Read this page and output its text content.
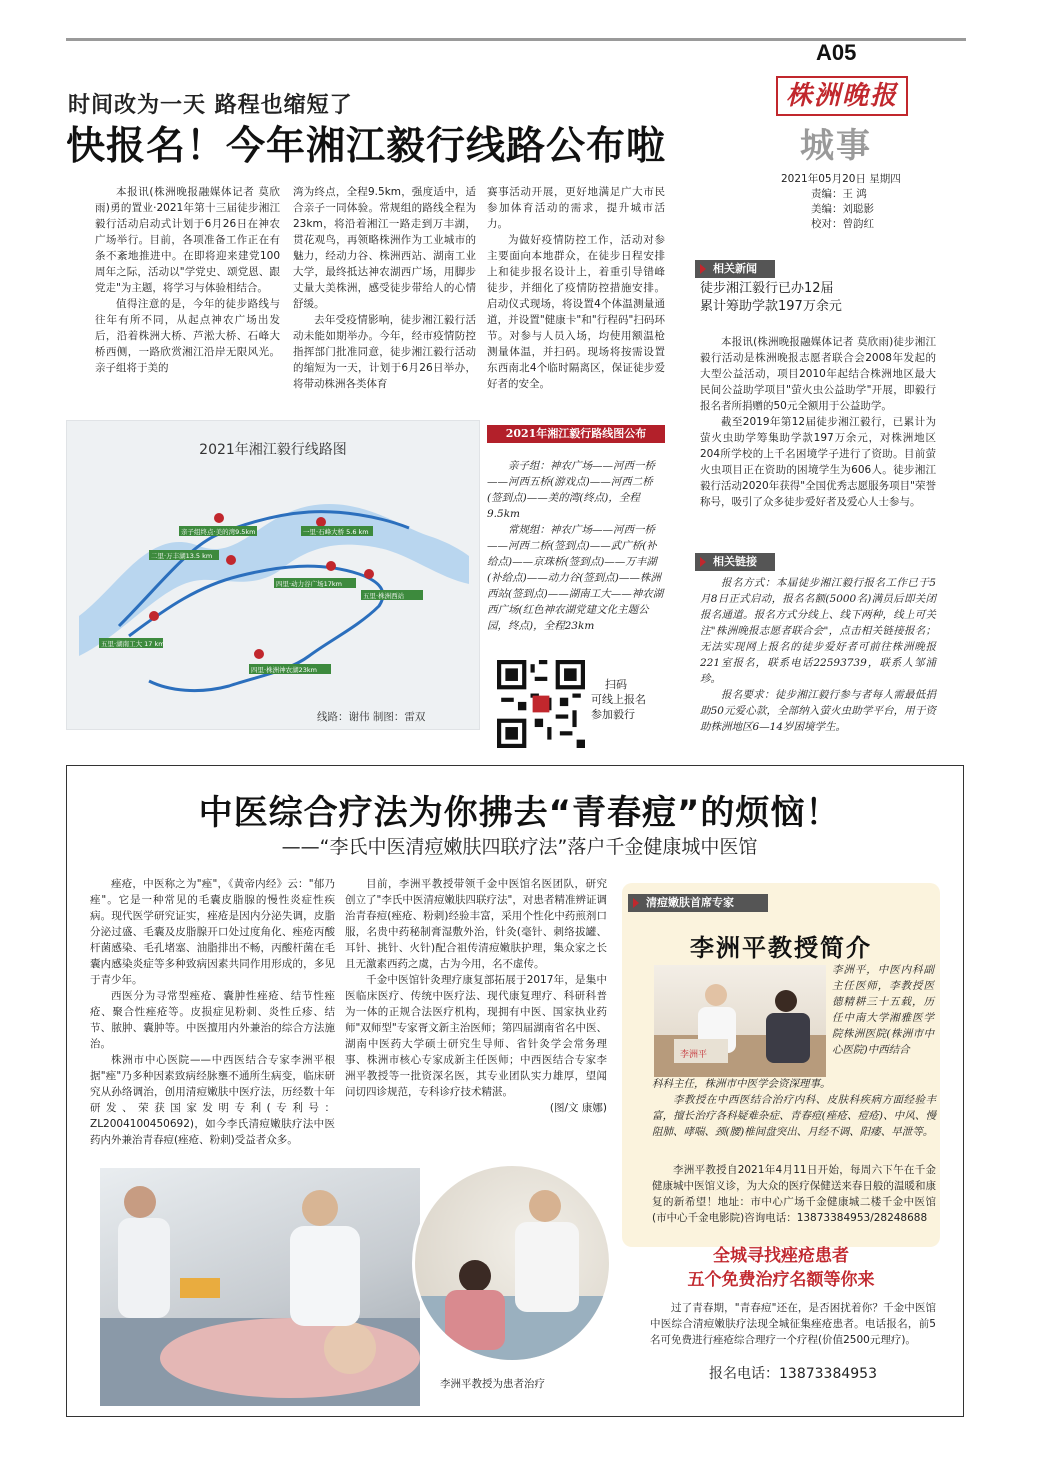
A05
株洲晚报
城事
2021年05月20日 星期四
责编：王 鸿
美编：刘聪影
校对：曾韵红
时间改为一天 路程也缩短了
快报名！今年湘江毅行线路公布啦

本报讯(株洲晚报融媒体记者 莫欣雨)勇的置业·2021年第十三届徒步湘江毅行活动启动式计划于6月26日在神农广场举行。目前，各项准备工作正在有条不紊地推进中。在即将迎来建党100周年之际，活动以"学党史、颂党恩、跟党走"为主题，将学习与体验相结合。

值得注意的是，今年的徒步路线与往年有所不同，从起点神农广场出发后，沿着株洲大桥、芦淞大桥、石峰大桥西侧，一路欣赏湘江沿岸无限风光。亲子组将于美的

湾为终点，全程9.5km，强度适中，适合亲子一同体验。常规组的路线全程为23km，将沿着湘江一路走到万丰湖，贯花观鸟，再领略株洲作为工业城市的魅力，经动力谷、株洲西站、湖南工业大学，最终抵达神农湖西广场，用脚步丈量大美株洲，感受徒步带给人的心情舒缓。

去年受疫情影响，徒步湘江毅行活动未能如期举办。今年，经市疫情防控指挥部门批准同意，徒步湘江毅行活动的缩短为一天，计划于6月26日举办，将带动株洲各类体育

赛事活动开展，更好地满足广大市民参加体育活动的需求，提升城市活力。

为做好疫情防控工作，活动对参主要面向本地群众，在徒步日程安排上和徒步报名设计上，着重引导错峰徒步，并细化了疫情防控措施安排。启动仪式现场，将设置4个体温测量通道，并设置"健康卡"和"行程码"扫码环节。对参与人员入场，均使用额温枪测量体温，并扫码。现场将按需设置东西南北4个临时隔离区，保证徒步爱好者的安全。

2021年湘江毅行线路图
亲子组终点·美的湾9.5km
二里·万丰湖13.5 km
一里·石峰大桥 5.6 km
四里·动力谷广场17km
五里·株洲西站
五里·湖南工大 17 km
四里·株洲神农湖23km
线路：谢伟 制图：雷双
2021年湘江毅行路线图公布

亲子组：神农广场——河西一桥——河西五桥(游戏点)——河西二桥(签到点)——美的湾(终点)，全程9.5km

常规组：神农广场——河西一桥——河西二桥(签到点)——武广桥(补给点)——京珠桥(签到点)——万丰湖(补给点)——动力谷(签到点)——株洲西站(签到点)——湖南工大——神农湖西广场(红色神农湖党建文化主题公园，终点)，全程23km

扫码
可线上报名
参加毅行
相关新闻
徒步湘江毅行已办12届
累计筹助学款197万余元

本报讯(株洲晚报融媒体记者 莫欣雨)徒步湘江毅行活动是株洲晚报志愿者联合会2008年发起的大型公益活动，项目2010年起结合株洲地区最大民间公益助学项目"萤火虫公益助学"开展，即毅行报名者所捐赠的50元全额用于公益助学。

截至2019年第12届徒步湘江毅行，已累计为萤火虫助学筹集助学款197万余元，对株洲地区204所学校的上千名困境学子进行了资助。目前萤火虫项目正在资助的困境学生为606人。徒步湘江毅行活动2020年获得"全国优秀志愿服务项目"荣誉称号，吸引了众多徒步爱好者及爱心人士参与。

相关链接

报名方式：本届徒步湘江毅行报名工作已于5月8日正式启动，报名名额(5000名)满员后即关闭报名通道。报名方式分线上、线下两种，线上可关注"株洲晚报志愿者联合会"，点击相关链接报名；无法实现网上报名的徒步爱好者可前往株洲晚报221室报名，联系电话22593739，联系人邹浦珍。

报名要求：徒步湘江毅行参与者每人需最低捐助50元爱心款，全部纳入萤火虫助学平台，用于资助株洲地区6—14岁困境学生。

中医综合疗法为你拂去“青春痘”的烦恼！
——“李氏中医清痘嫩肤四联疗法”落户千金健康城中医馆

痤疮，中医称之为"痤"，《黄帝内经》云："郁乃痤"。它是一种常见的毛囊皮脂腺的慢性炎症性疾病。现代医学研究证实，痤疮是因内分泌失调，皮脂分泌过盛、毛囊及皮脂腺开口处过度角化、痤疮丙酸杆菌感染、毛孔堵塞、油脂排出不畅，丙酸杆菌在毛囊内感染炎症等多种致病因素共同作用形成的，多见于青少年。

西医分为寻常型痤疮、囊肿性痤疮、结节性痤疮、聚合性痤疮等。皮损症见粉刺、炎性丘疹、结节、脓肿、囊肿等。中医擅用内外兼治的综合方法施治。

株洲市中心医院——中西医结合专家李洲平根据"痤"乃多种因素致病经脉壅不通所生病变，临床研究从孙络调治，创用清痘嫩肤中医疗法，历经数十年研发、荣获国家发明专利(专利号：ZL2004100450692)，如今李氏清痘嫩肤疗法中医药内外兼治青春痘(痤疮、粉刺)受益者众多。

目前，李洲平教授带领千金中医馆名医团队，研究创立了"李氏中医清痘嫩肤四联疗法"，对患者精准辨证调治青春痘(痤疮、粉刺)经验丰富，采用个性化中药煎剂口服，名贵中药秘制膏湿敷外治，针灸(毫针、刺络拔罐、耳针、挑针、火针)配合祖传清痘嫩肤护理，集众家之长且无激素西药之虞，古为今用，名不虚传。

千金中医馆针灸理疗康复部拓展于2017年，是集中医临床医疗、传统中医疗法、现代康复理疗、科研科普为一体的正规合法医疗机构，现拥有中医、国家执业药师"双师型"专家胥文新主治医师；第四届湖南省名中医、湖南中医药大学硕士研究生导师、省针灸学会常务理事、株洲市核心专家成新主任医师；中西医结合专家李洲平教授等一批资深名医，其专业团队实力雄厚，望闻问切四诊规范，专科诊疗技术精湛。

(图/文 康娜)
清痘嫩肤首席专家
李洲平教授简介
李洲平
李洲平，中医内科副主任医师，李教授医德精耕三十五载，历任中南大学湘雅医学院株洲医院(株洲市中心医院)中西结合
科科主任，株洲市中医学会资深理事。
李教授在中西医结合治疗内科、皮肤科疾病方面经验丰富，擅长治疗各科疑难杂症、青春痘(痤疮、痘疮)、中风、慢阻肺、哮喘、颈(腰)椎间盘突出、月经不调、阳痿、早泄等。
李洲平教授自2021年4月11日开始，每周六下午在千金健康城中医馆义诊，为大众的医疗保健送来春日般的温暖和康复的新希望！地址：市中心广场千金健康城二楼千金中医馆(市中心千金电影院)咨询电话：13873384953/28248688
全城寻找痤疮患者
五个免费治疗名额等你来
过了青春期，"青春痘"还在，是否困扰着你？千金中医馆中医综合清痘嫩肤疗法现全城征集痤疮患者。电话报名，前5名可免费进行痤疮综合理疗一个疗程(价值2500元理疗)。
报名电话：13873384953
李洲平教授为患者治疗
